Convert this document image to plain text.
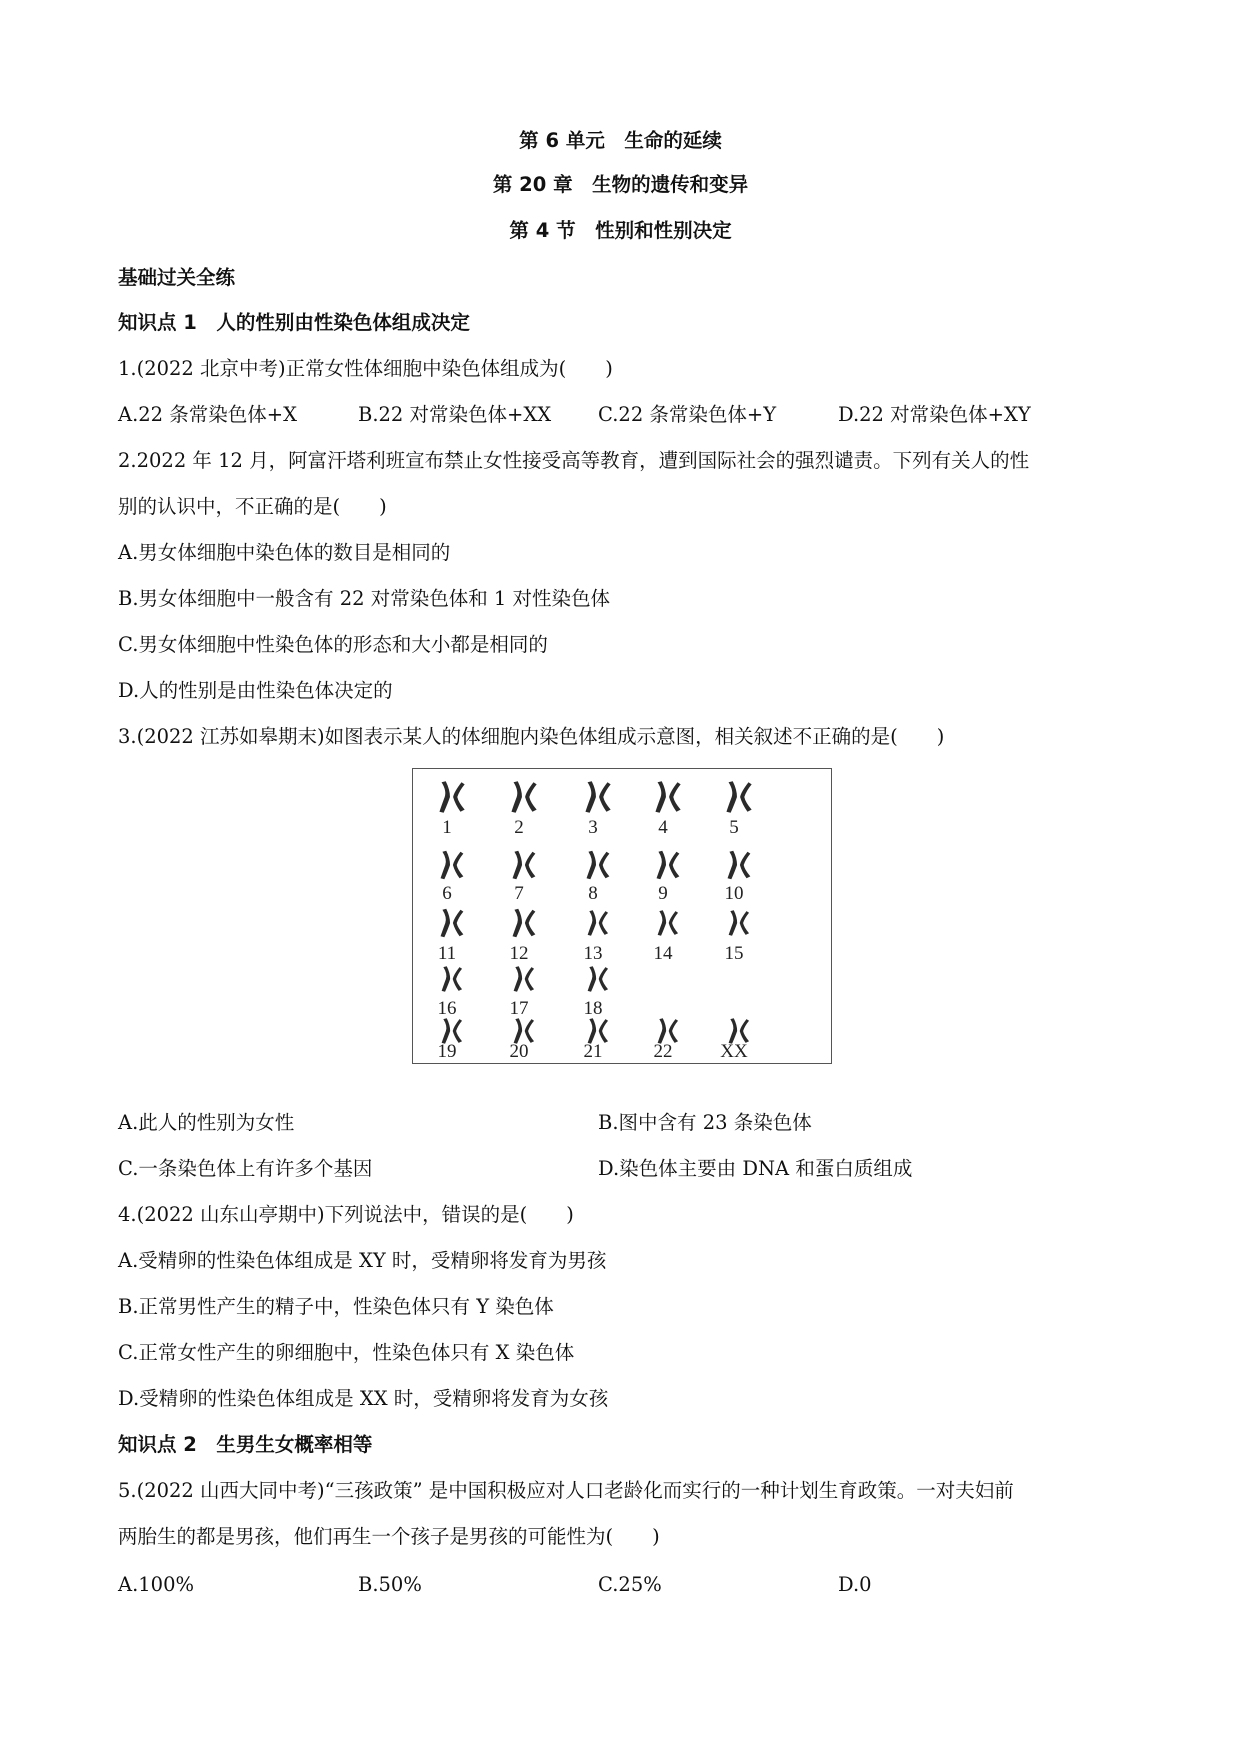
第 6 单元　生命的延续
第 20 章　生物的遗传和变异
第 4 节　性别和性别决定
基础过关全练
知识点 1　人的性别由性染色体组成决定
1.(2022 北京中考)正常女性体细胞中染色体组成为(　　)
A.22 条常染色体+X	B.22 对常染色体+XX C.22 条常染色体+Y	D.22 对常染色体+XY
2.2022 年 12 月，阿富汗塔利班宣布禁止女性接受高等教育，遭到国际社会的强烈谴责。下列有关人的性
别的认识中，不正确的是(　　)
A.男女体细胞中染色体的数目是相同的
B.男女体细胞中一般含有 22 对常染色体和 1 对性染色体
C.男女体细胞中性染色体的形态和大小都是相同的
D.人的性别是由性染色体决定的
3.(2022 江苏如皋期末)如图表示某人的体细胞内染色体组成示意图，相关叙述不正确的是(　　)
1	2	3	4	5
6	7	8	9	10
11	12	13	14	15
16	17	18
19	20	21	22	XX
A.此人的性别为女性	B.图中含有 23 条染色体
C.一条染色体上有许多个基因	D.染色体主要由 DNA 和蛋白质组成
4.(2022 山东山亭期中)下列说法中，错误的是(　　)
A.受精卵的性染色体组成是 XY 时，受精卵将发育为男孩
B.正常男性产生的精子中，性染色体只有 Y 染色体
C.正常女性产生的卵细胞中，性染色体只有 X 染色体
D.受精卵的性染色体组成是 XX 时，受精卵将发育为女孩
知识点 2　生男生女概率相等
5.(2022 山西大同中考)“三孩政策” 是中国积极应对人口老龄化而实行的一种计划生育政策。一对夫妇前
两胎生的都是男孩，他们再生一个孩子是男孩的可能性为(　　)
A.100%	B.50%	C.25%	D.0
